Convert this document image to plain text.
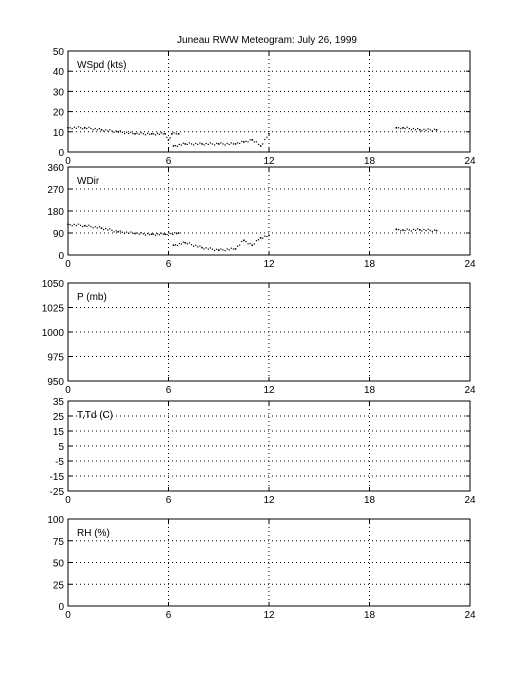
Juneau RWW Meteogram: July 26, 1999
0	6	12	18	24
0
10
20
30
40
50
WSpd (kts)
0	6	12	18	24
0
90
180
270
360
WDir
0	6	12	18	24
950
975
1000
1025
1050
P (mb)
0	6	12	18	24
-25
-15
-5
5
15
25
35
T,Td (C)
0	6	12	18	24
0
25
50
75
100
RH (%)
